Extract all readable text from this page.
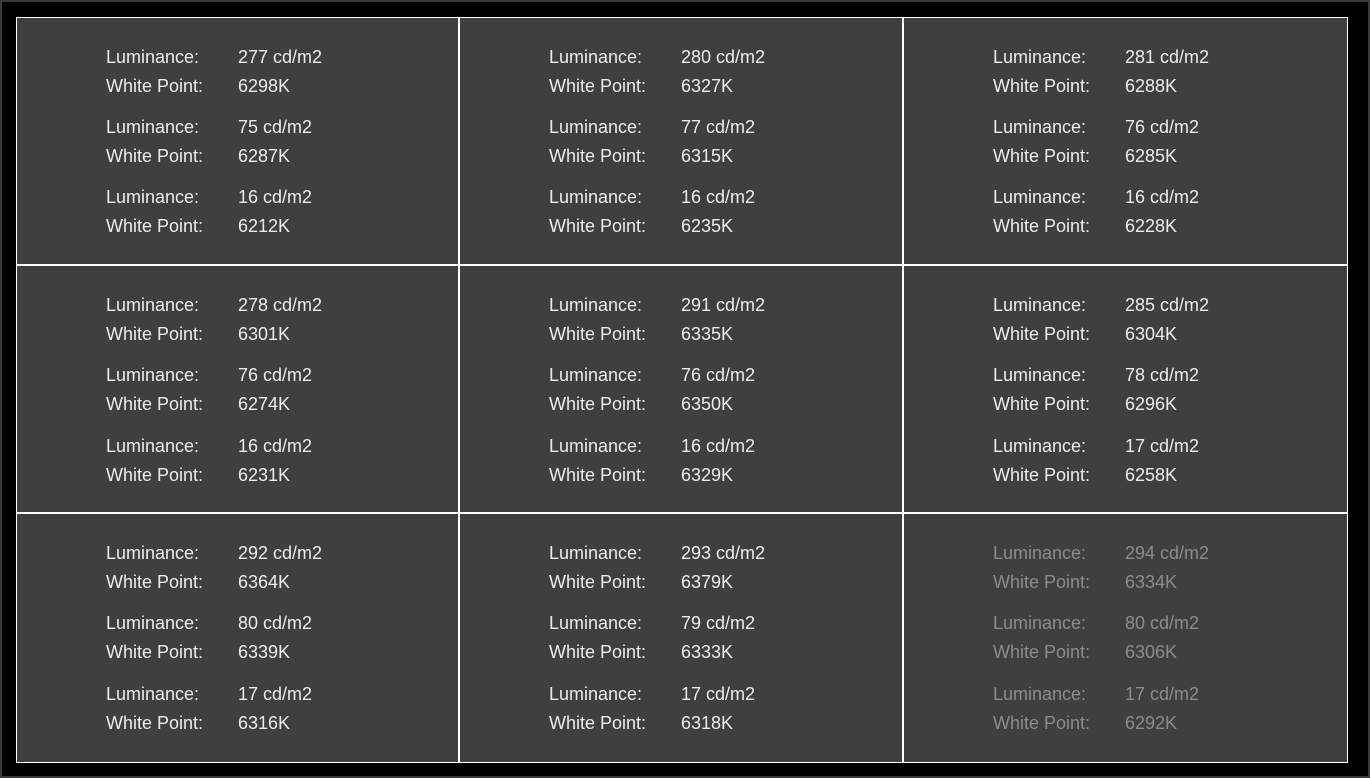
Luminance:	277 cd/m2
White Point:	6298K
Luminance:	75 cd/m2
White Point:	6287K
Luminance:	16 cd/m2
White Point:	6212K
Luminance:	280 cd/m2
White Point:	6327K
Luminance:	77 cd/m2
White Point:	6315K
Luminance:	16 cd/m2
White Point:	6235K
Luminance:	281 cd/m2
White Point:	6288K
Luminance:	76 cd/m2
White Point:	6285K
Luminance:	16 cd/m2
White Point:	6228K
Luminance:	278 cd/m2
White Point:	6301K
Luminance:	76 cd/m2
White Point:	6274K
Luminance:	16 cd/m2
White Point:	6231K
Luminance:	291 cd/m2
White Point:	6335K
Luminance:	76 cd/m2
White Point:	6350K
Luminance:	16 cd/m2
White Point:	6329K
Luminance:	285 cd/m2
White Point:	6304K
Luminance:	78 cd/m2
White Point:	6296K
Luminance:	17 cd/m2
White Point:	6258K
Luminance:	292 cd/m2
White Point:	6364K
Luminance:	80 cd/m2
White Point:	6339K
Luminance:	17 cd/m2
White Point:	6316K
Luminance:	293 cd/m2
White Point:	6379K
Luminance:	79 cd/m2
White Point:	6333K
Luminance:	17 cd/m2
White Point:	6318K
Luminance:	294 cd/m2
White Point:	6334K
Luminance:	80 cd/m2
White Point:	6306K
Luminance:	17 cd/m2
White Point:	6292K
